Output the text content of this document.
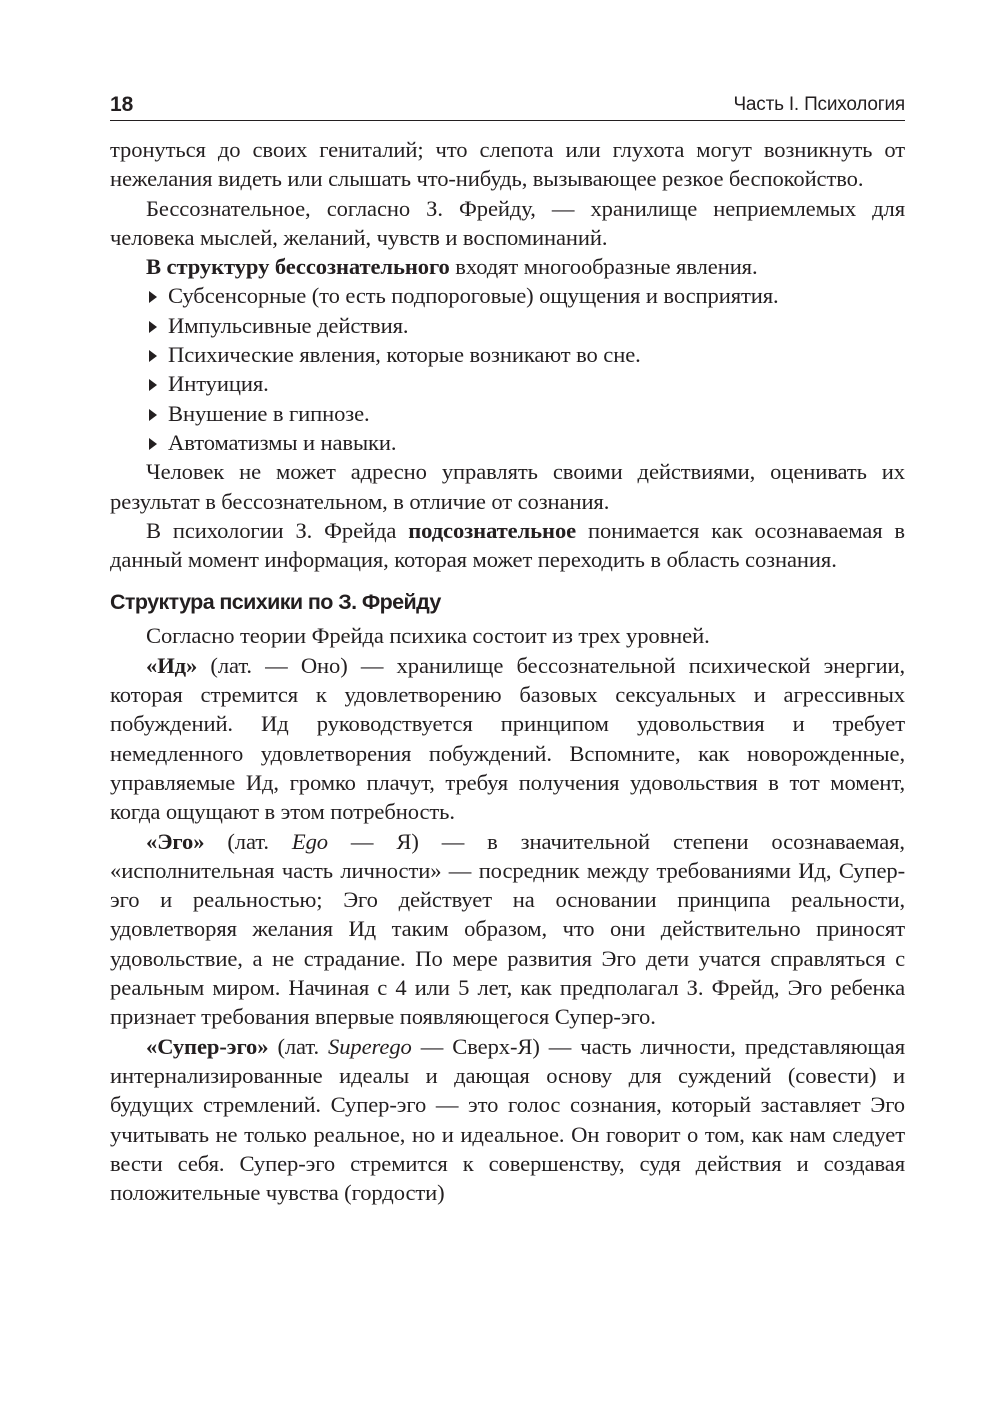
18	Часть I. Психология

тронуться до своих гениталий; что слепота или глухота могут возникнуть от нежелания видеть или слышать что-нибудь, вызывающее резкое беспокойство.

Бессознательное, согласно З. Фрейду, — хранилище неприемлемых для человека мыслей, желаний, чувств и воспоминаний.

В структуру бессознательного входят многообразные явления.

Субсенсорные (то есть подпороговые) ощущения и восприятия.
Импульсивные действия.
Психические явления, которые возникают во сне.
Интуиция.
Внушение в гипнозе.
Автоматизмы и навыки.

Человек не может адресно управлять своими действиями, оценивать их результат в бессознательном, в отличие от сознания.

В психологии З. Фрейда подсознательное понимается как осознаваемая в данный момент информация, которая может переходить в область сознания.

Структура психики по З. Фрейду

Согласно теории Фрейда психика состоит из трех уровней.

«Ид» (лат. — Оно) — хранилище бессознательной психической энергии, которая стремится к удовлетворению базовых сексуальных и агрессивных побуждений. Ид руководствуется принципом удовольствия и требует немедленного удовлетворения побуждений. Вспомните, как новорожденные, управляемые Ид, громко плачут, требуя получения удовольствия в тот момент, когда ощущают в этом потребность.

«Эго» (лат. Ego — Я) — в значительной степени осознаваемая, «исполнительная часть личности» — посредник между требованиями Ид, Супер-эго и реальностью; Эго действует на основании принципа реальности, удовлетворяя желания Ид таким образом, что они действительно приносят удовольствие, а не страдание. По мере развития Эго дети учатся справляться с реальным миром. Начиная с 4 или 5 лет, как предполагал З. Фрейд, Эго ребенка признает требования впервые появляющегося Супер-эго.

«Супер-эго» (лат. Superego — Сверх-Я) — часть личности, представляющая интернализированные идеалы и дающая основу для суждений (совести) и будущих стремлений. Супер-эго — это голос сознания, который заставляет Эго учитывать не только реальное, но и идеальное. Он говорит о том, как нам следует вести себя. Супер-эго стремится к совершенству, судя действия и создавая положительные чувства (гордости)
